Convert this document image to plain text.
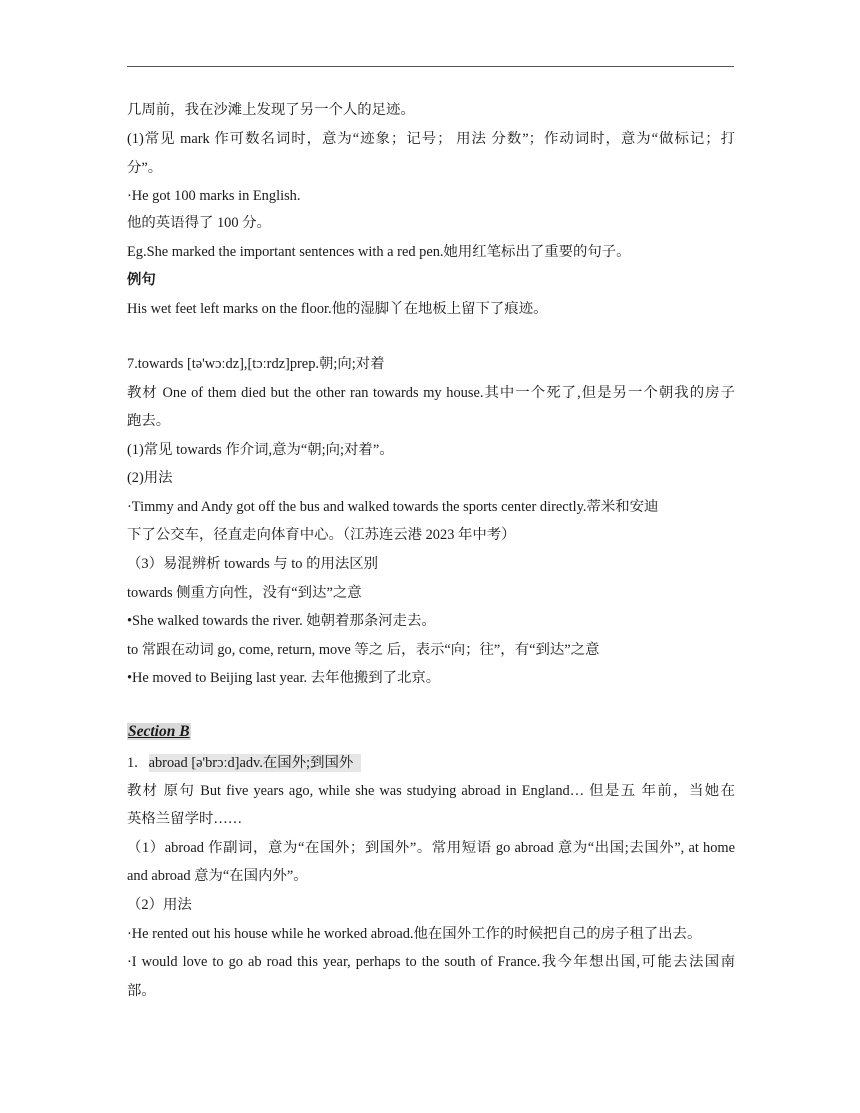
几周前，我在沙滩上发现了另一个人的足迹。
(1)常见 mark 作可数名词时，意为“迹象；记号； 用法 分数”；作动词时，意为“做标记；打
分”。
·He got 100 marks in English.
他的英语得了 100 分。
Eg.She marked the important sentences with a red pen.她用红笔标出了重要的句子。
例句
His wet feet left marks on the floor.他的湿脚丫在地板上留下了痕迹。
7.towards [tə'wɔːdz],[tɔːrdz]prep.朝;向;对着
教材 One of them died but the other ran towards my house.其中一个死了,但是另一个朝我的房子
跑去。
(1)常见 towards 作介词,意为“朝;向;对着”。
(2)用法
·Timmy and Andy got off the bus and walked towards the sports center directly.蒂米和安迪
下了公交车，径直走向体育中心。（江苏连云港 2023 年中考）
（3）易混辨析 towards 与 to 的用法区别
towards 侧重方向性，没有“到达”之意
•She walked towards the river. 她朝着那条河走去。
to 常跟在动词 go, come, return, move 等之 后，表示“向；往”，有“到达”之意
•He moved to Beijing last year. 去年他搬到了北京。
Section B
1. abroad [ə'brɔːd]adv.在国外;到国外
教材 原句 But five years ago, while she was studying abroad in England… 但是五 年前，当她在
英格兰留学时……
（1）abroad 作副词，意为“在国外；到国外”。常用短语 go abroad 意为“出国;去国外”, at home
and abroad 意为“在国内外”。
（2）用法
·He rented out his house while he worked abroad.他在国外工作的时候把自己的房子租了出去。
·I would love to go ab road this year, perhaps to the south of France.我今年想出国,可能去法国南
部。
